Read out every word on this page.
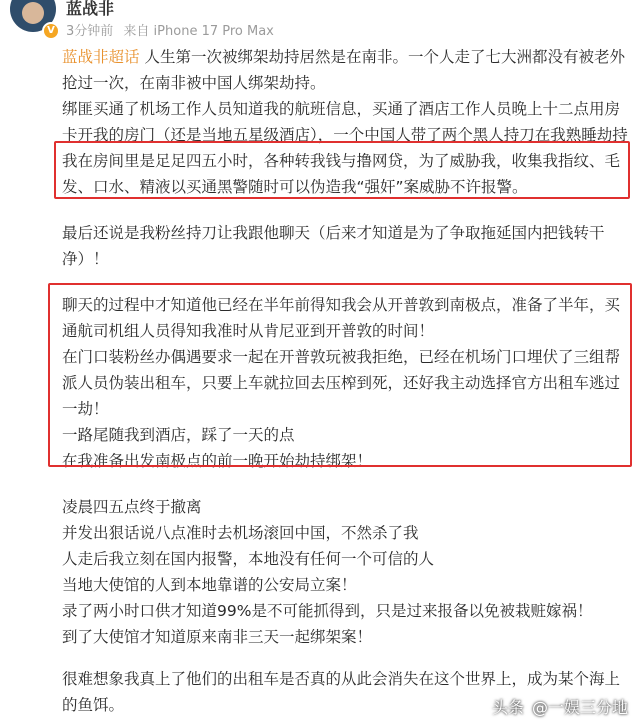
V
蓝战非
3分钟前 来自 iPhone 17 Pro Max

蓝战非超话 人生第一次被绑架劫持居然是在南非。一个人走了七大洲都没有被老外抢过一次，在南非被中国人绑架劫持。

绑匪买通了机场工作人员知道我的航班信息，买通了酒店工作人员晚上十二点用房卡开我的房门（还是当地五星级酒店），一个中国人带了两个黑人持刀在我熟睡劫持我在房间里是足足四五小时，各种转我钱与撸网贷，为了威胁我，收集我指纹、毛发、口水、精液以买通黑警随时可以伪造我“强奸”案威胁不许报警。

最后还说是我粉丝持刀让我跟他聊天（后来才知道是为了争取拖延国内把钱转干净）！

聊天的过程中才知道他已经在半年前得知我会从开普敦到南极点，准备了半年，买通航司机组人员得知我准时从肯尼亚到开普敦的时间！

在门口装粉丝办偶遇要求一起在开普敦玩被我拒绝，已经在机场门口埋伏了三组帮派人员伪装出租车，只要上车就拉回去压榨到死，还好我主动选择官方出租车逃过一劫！

一路尾随我到酒店，踩了一天的点

在我准备出发南极点的前一晚开始劫持绑架！

凌晨四五点终于撤离

并发出狠话说八点准时去机场滚回中国，不然杀了我

人走后我立刻在国内报警，本地没有任何一个可信的人

当地大使馆的人到本地靠谱的公安局立案！

录了两小时口供才知道99%是不可能抓得到，只是过来报备以免被栽赃嫁祸！

到了大使馆才知道原来南非三天一起绑架案！

很难想象我真上了他们的出租车是否真的从此会消失在这个世界上，成为某个海上的鱼饵。	头条 @一娱三分地
